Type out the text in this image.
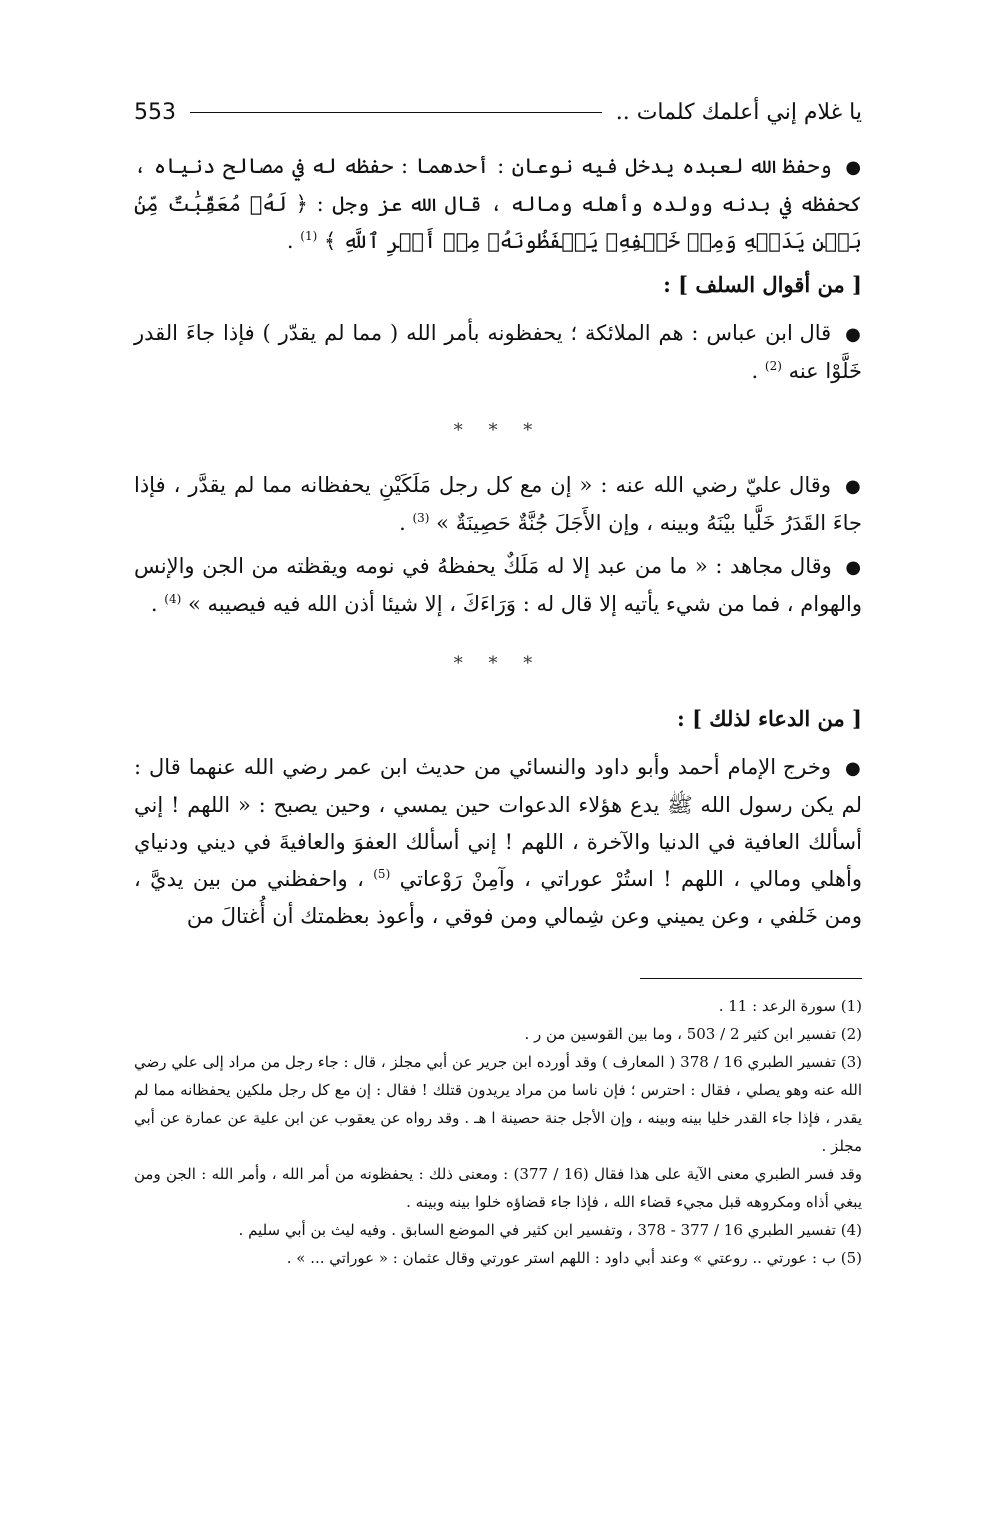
يا غلام إني أعلمك كلمات ..
553

● وحفظ الله لعبده يدخل فيه نوعان : أحدهما : حفظه له في مصالح دنياه ، كحفظه في بدنه وولده وأهله وماله ، قال الله عز وجل : ﴿ لَهُۥ مُعَقِّبَٰتٌ مِّنۢ بَيۡنِ يَدَيۡهِ وَمِنۡ خَلۡفِهِۦ يَحۡفَظُونَهُۥ مِنۡ أَمۡرِ ٱللَّهِ ﴾ $^{(1)}$ .

[ من أقوال السلف ] :

● قال ابن عباس : هم الملائكة ؛ يحفظونه بأمر الله ( مما لم يقدّر ) فإذا جاءَ القدر خَلَّوْا عنه $^{(2)}$ .

* * *

● وقال عليّ رضي الله عنه : « إن مع كل رجل مَلَكَيْنِ يحفظانه مما لم يقدَّر ، فإذا جاءَ القَدَرُ خَلَّيا بيْنَهُ وبينه ، وإن الأَجَلَ جُنَّةٌ حَصِينَةٌ » $^{(3)}$ .

● وقال مجاهد : « ما من عبد إلا له مَلَكٌ يحفظهُ في نومه ويقظته من الجن والإنس والهوام ، فما من شيء يأتيه إلا قال له : وَرَاءَكَ ، إلا شيئا أذن الله فيه فيصيبه » $^{(4)}$ .

* * *

[ من الدعاء لذلك ] :

● وخرج الإمام أحمد وأبو داود والنسائي من حديث ابن عمر رضي الله عنهما قال : لم يكن رسول الله ﷺ يدع هؤلاء الدعوات حين يمسي ، وحين يصبح : « اللهم ! إني أسألك العافية في الدنيا والآخرة ، اللهم ! إني أسألك العفوَ والعافيةَ في ديني ودنياي وأهلي ومالي ، اللهم ! استُرْ عوراتي ، وآمِنْ رَوْعاتي $^{(5)}$ ، واحفظني من بين يديَّ ، ومن خَلفي ، وعن يميني وعن شِمالي ومن فوقي ، وأعوذ بعظمتك أن أُغتالَ من

(1) سورة الرعد : 11 .

(2) تفسير ابن كثير 2 / 503 ، وما بين القوسين من ر .

(3) تفسير الطبري 16 / 378 ( المعارف ) وقد أورده ابن جرير عن أبي مجلز ، قال : جاء رجل من مراد إلى علي رضي الله عنه وهو يصلي ، فقال : احترس ؛ فإن ناسا من مراد يريدون قتلك ! فقال : إن مع كل رجل ملكين يحفظانه مما لم يقدر ، فإذا جاء القدر خليا بينه وبينه ، وإن الأجل جنة حصينة ا هـ . وقد رواه عن يعقوب عن ابن علية عن عمارة عن أبي مجلز .

وقد فسر الطبري معنى الآية على هذا فقال (16 / 377) : ومعنى ذلك : يحفظونه من أمر الله ، وأمر الله : الجن ومن يبغي أذاه ومكروهه قبل مجيء قضاء الله ، فإذا جاء قضاؤه خلوا بينه وبينه .

(4) تفسير الطبري 16 / 377 - 378 ، وتفسير ابن كثير في الموضع السابق . وفيه ليث بن أبي سليم .

(5) ب : عورتي .. روعتي » وعند أبي داود : اللهم استر عورتي وقال عثمان : « عوراتي ... » .
